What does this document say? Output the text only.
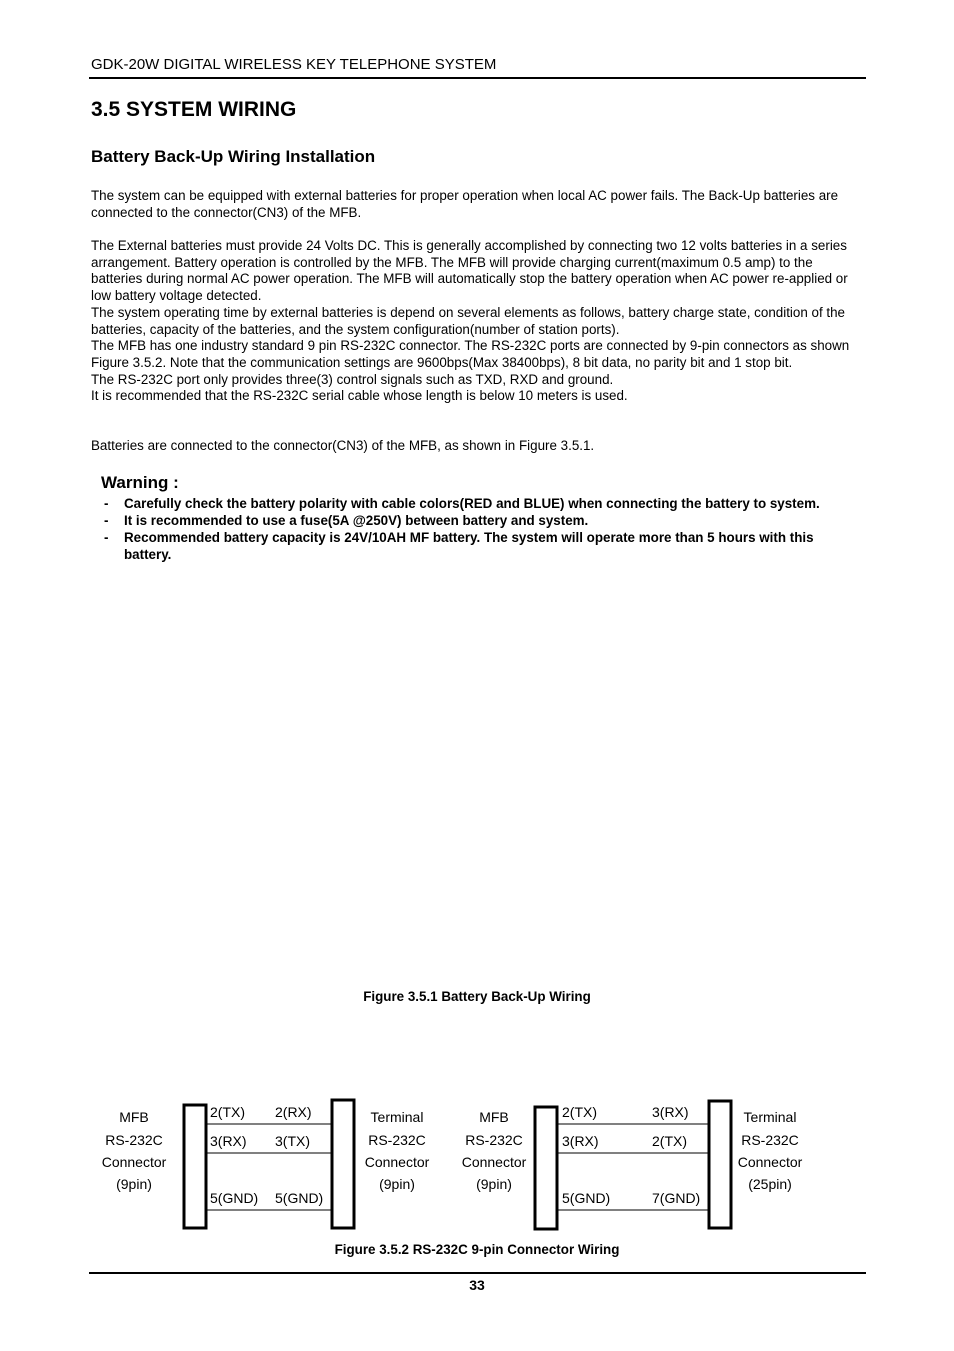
GDK-20W DIGITAL WIRELESS KEY TELEPHONE SYSTEM
3.5 SYSTEM WIRING
Battery Back-Up Wiring Installation
The system can be equipped with external batteries for proper operation when local AC power fails. The Back-Up batteries are connected to the connector(CN3) of the MFB.
The External batteries must provide 24 Volts DC. This is generally accomplished by connecting two 12 volts batteries in a series arrangement. Battery operation is controlled by the MFB. The MFB will provide charging current(maximum 0.5 amp) to the batteries during normal AC power operation. The MFB will automatically stop the battery operation when AC power re-applied or low battery voltage detected.
The system operating time by external batteries is depend on several elements as follows, battery charge state, condition of the batteries, capacity of the batteries, and the system configuration(number of station ports).
The MFB has one industry standard 9 pin RS-232C connector. The RS-232C ports are connected by 9-pin connectors as shown Figure 3.5.2. Note that the communication settings are 9600bps(Max 38400bps), 8 bit data, no parity bit and 1 stop bit.
The RS-232C port only provides three(3) control signals such as TXD, RXD and ground.
It is recommended that the RS-232C serial cable whose length is below 10 meters is used.
Batteries are connected to the connector(CN3) of the MFB, as shown in Figure 3.5.1.
Warning :
-	Carefully check the battery polarity with cable colors(RED and BLUE) when connecting the battery to system.
-	It is recommended to use a fuse(5A @250V) between battery and system.
-	Recommended battery capacity is 24V/10AH MF battery. The system will operate more than 5 hours with this battery.
Figure 3.5.1 Battery Back-Up Wiring
MFB
RS-232C
Connector
(9pin)
2(TX) 2(RX)
3(RX) 3(TX)
5(GND) 5(GND)
Terminal
RS-232C
Connector
(9pin)
MFB
RS-232C
Connector
(9pin)
2(TX)	3(RX)
3(RX)	2(TX)
5(GND)	7(GND)
Terminal
RS-232C
Connector
(25pin)
Figure 3.5.2 RS-232C 9-pin Connector Wiring
33
